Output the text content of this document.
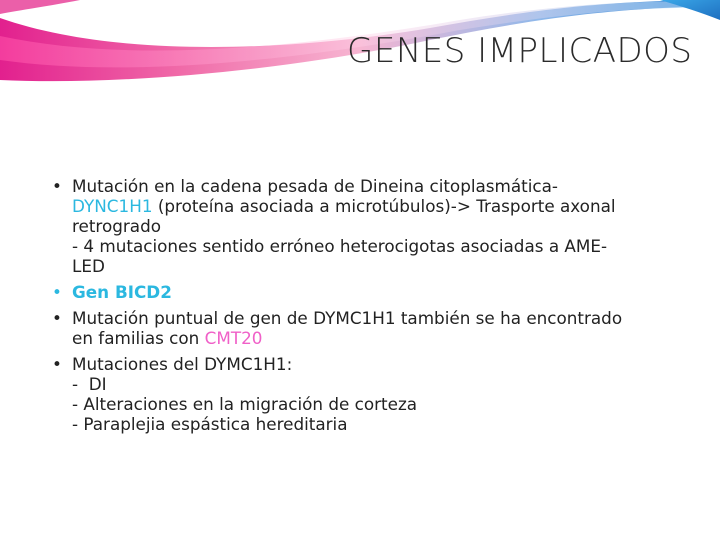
GENES IMPLICADOS
• Mutación en la cadena pesada de Dineina citoplasmática-
DYNC1H1 (proteína asociada a microtúbulos)-> Trasporte axonal
retrogrado
- 4 mutaciones sentido erróneo heterocigotas asociadas a AME-
LED
• Gen BICD2
• Mutación puntual de gen de DYMC1H1 también se ha encontrado
en familias con CMT20
• Mutaciones del DYMC1H1:
-  DI
- Alteraciones en la migración de corteza
- Paraplejia espástica hereditaria
